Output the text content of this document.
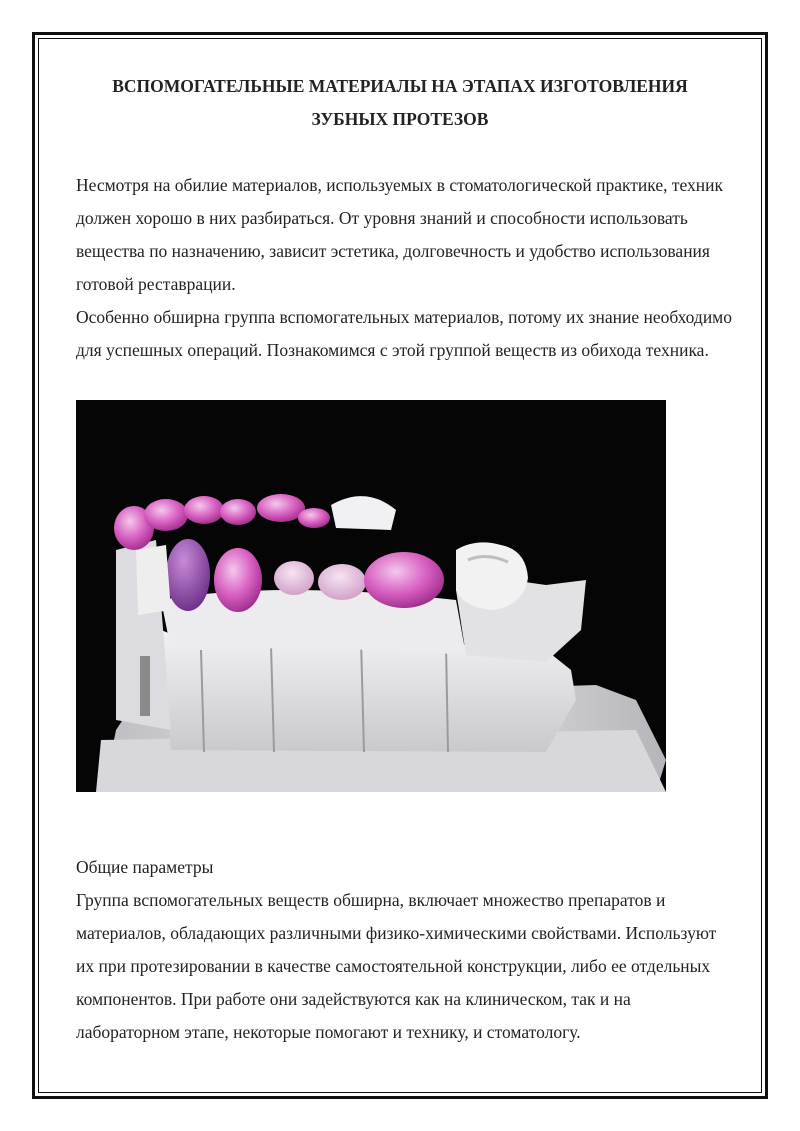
ВСПОМОГАТЕЛЬНЫЕ МАТЕРИАЛЫ НА ЭТАПАХ ИЗГОТОВЛЕНИЯ ЗУБНЫХ ПРОТЕЗОВ

Несмотря на обилие материалов, используемых в стоматологической практике, техник должен хорошо в них разбираться. От уровня знаний и способности использовать вещества по назначению, зависит эстетика, долговечность и удобство использования готовой реставрации.

Особенно обширна группа вспомогательных материалов, потому их знание необходимо для успешных операций. Познакомимся с этой группой веществ из обихода техника.

Общие параметры

Группа вспомогательных веществ обширна, включает множество препаратов и материалов, обладающих различными физико-химическими свойствами. Используют их при протезировании в качестве самостоятельной конструкции, либо ее отдельных компонентов. При работе они задействуются как на клиническом, так и на лабораторном этапе, некоторые помогают и технику, и стоматологу.
